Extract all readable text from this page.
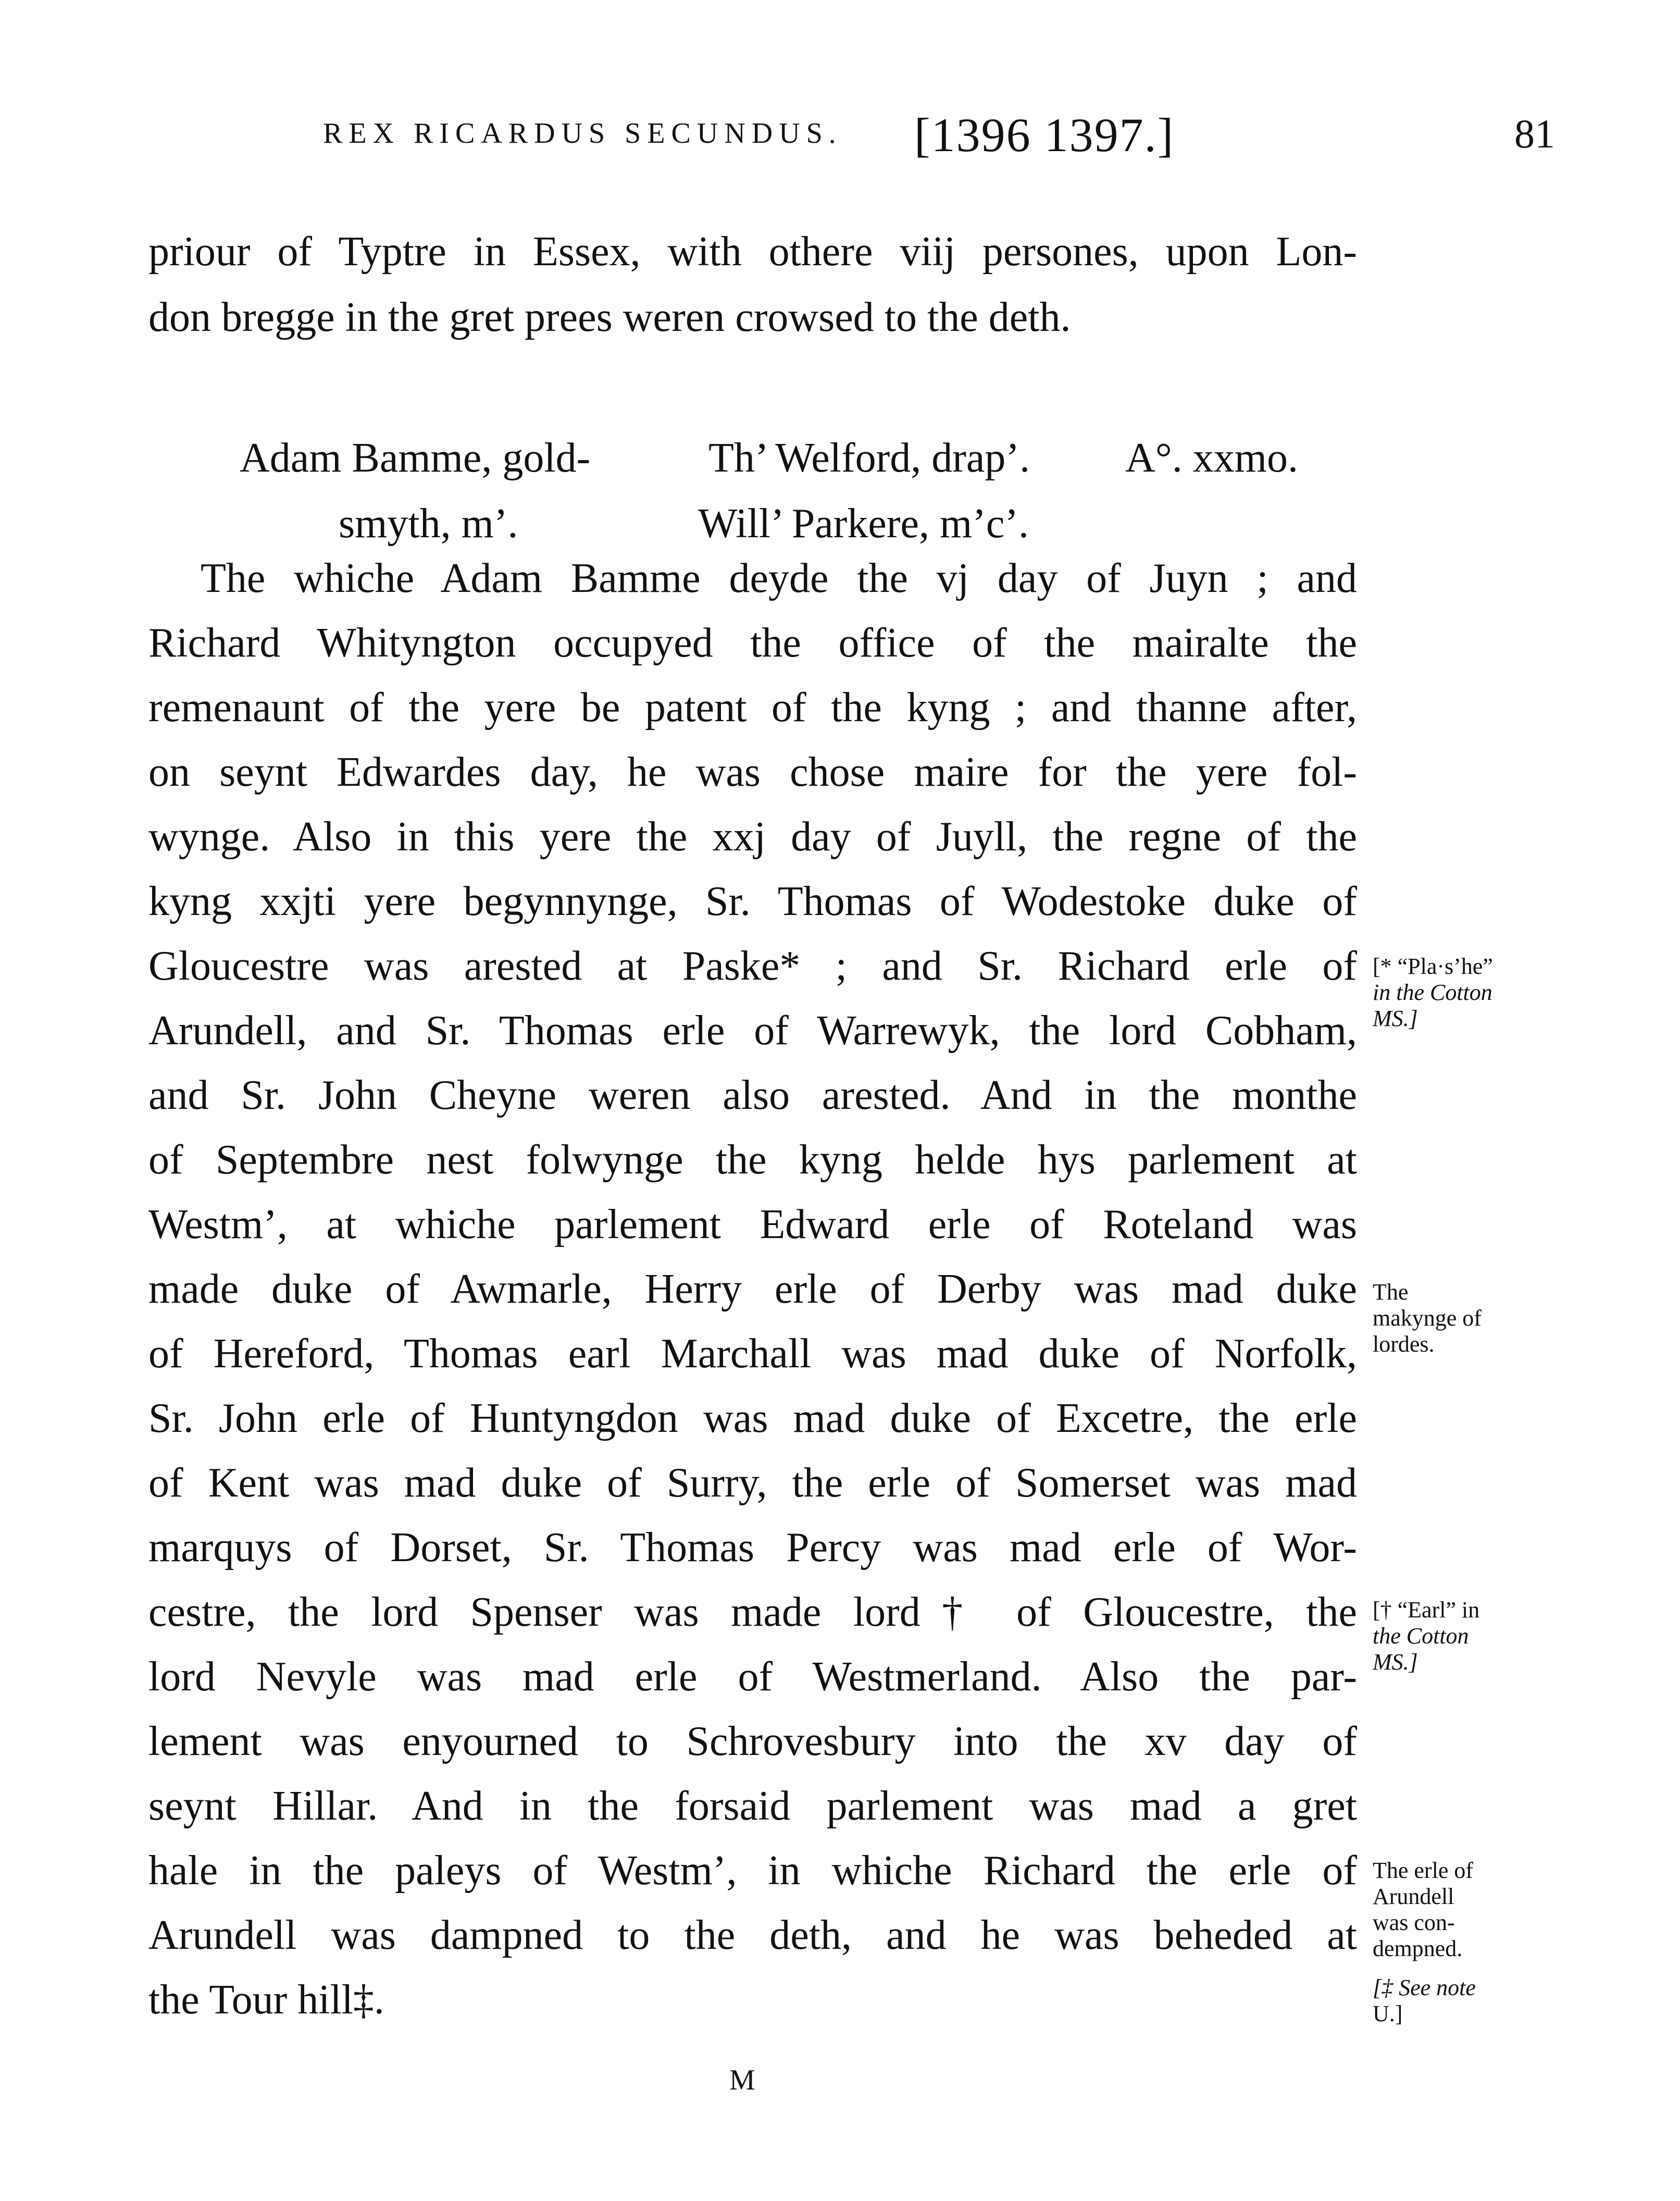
REX RICARDUS SECUNDUS. [1396 1397.]	81
priour of Typtre in Essex, with othere viij persones, upon Lon-
don bregge in the gret prees weren crowsed to the deth.
Adam Bamme, gold-
smyth, m’.
Th’ Welford, drap’.
Will’ Parkere, m’c’.
A°. xxmo.
The whiche Adam Bamme deyde the vj day of Juyn ; and
Richard Whityngton occupyed the office of the mairalte the
remenaunt of the yere be patent of the kyng ; and thanne after,
on seynt Edwardes day, he was chose maire for the yere fol-
wynge. Also in this yere the xxj day of Juyll, the regne of the
kyng xxjti yere begynnynge, Sr. Thomas of Wodestoke duke of
Gloucestre was arested at Paske* ; and Sr. Richard erle of
Arundell, and Sr. Thomas erle of Warrewyk, the lord Cobham,
and Sr. John Cheyne weren also arested. And in the monthe
of Septembre nest folwynge the kyng helde hys parlement at
Westm’, at whiche parlement Edward erle of Roteland was
made duke of Awmarle, Herry erle of Derby was mad duke
of Hereford, Thomas earl Marchall was mad duke of Norfolk,
Sr. John erle of Huntyngdon was mad duke of Excetre, the erle
of Kent was mad duke of Surry, the erle of Somerset was mad
marquys of Dorset, Sr. Thomas Percy was mad erle of Wor-
cestre, the lord Spenser was made lord† of Gloucestre, the
lord Nevyle was mad erle of Westmerland. Also the par-
lement was enyourned to Schrovesbury into the xv day of
seynt Hillar. And in the forsaid parlement was mad a gret
hale in the paleys of Westm’, in whiche Richard the erle of
Arundell was dampned to the deth, and he was beheded at
the Tour hill‡.
[* “Pla·s’he”
in the Cotton
MS.]
The
makynge of
lordes.
[† “Earl” in
the Cotton
MS.]
The erle of
Arundell
was con-
dempned.
[‡ See note
U.]
M
